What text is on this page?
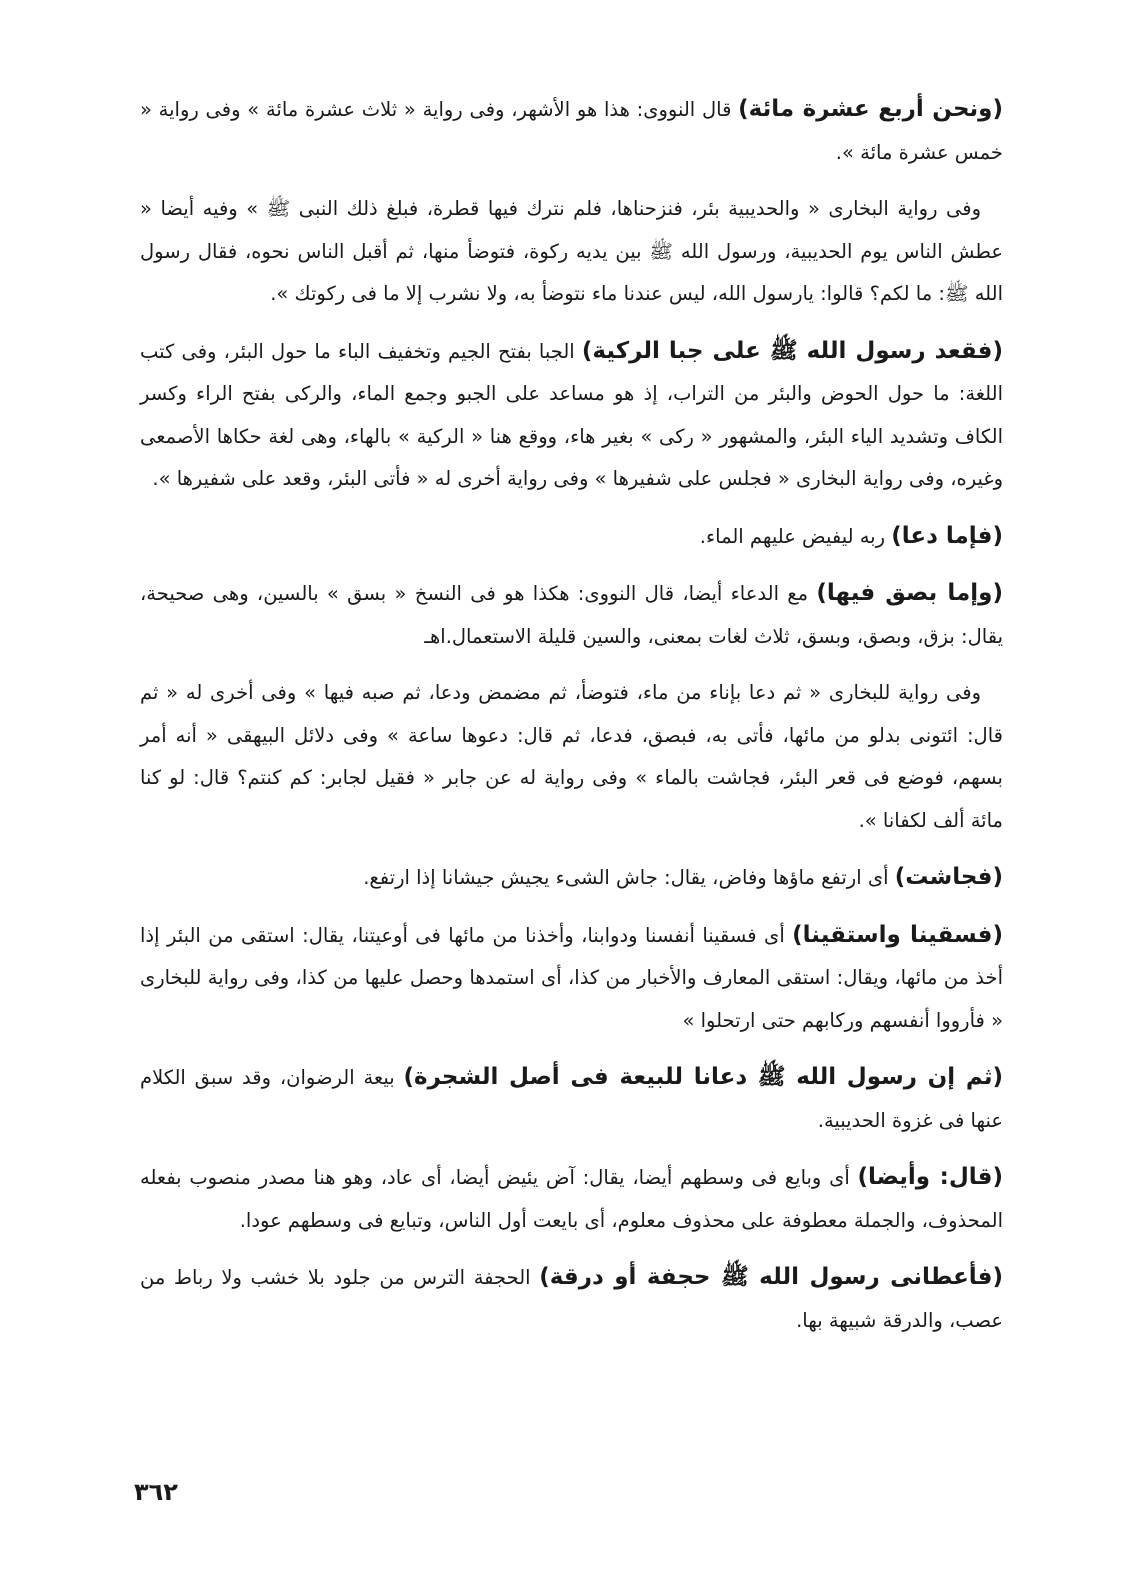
(ونحن أربع عشرة مائة) قال النووى: هذا هو الأشهر، وفى رواية « ثلاث عشرة مائة » وفى رواية « خمس عشرة مائة ».

وفى رواية البخارى « والحديبية بئر، فنزحناها، فلم نترك فيها قطرة، فبلغ ذلك النبى ﷺ » وفيه أيضا « عطش الناس يوم الحديبية، ورسول الله ﷺ بين يديه ركوة، فتوضأ منها، ثم أقبل الناس نحوه، فقال رسول الله ﷺ: ما لكم؟ قالوا: يارسول الله، ليس عندنا ماء نتوضأ به، ولا نشرب إلا ما فى ركوتك ».

(فقعد رسول الله ﷺ على جبا الركية) الجبا بفتح الجيم وتخفيف الباء ما حول البئر، وفى كتب اللغة: ما حول الحوض والبئر من التراب، إذ هو مساعد على الجبو وجمع الماء، والركى بفتح الراء وكسر الكاف وتشديد الياء البئر، والمشهور « ركى » بغير هاء، ووقع هنا « الركية » بالهاء، وهى لغة حكاها الأصمعى وغيره، وفى رواية البخارى « فجلس على شفيرها » وفى رواية أخرى له « فأتى البئر، وقعد على شفيرها ».

(فإما دعا) ربه ليفيض عليهم الماء.

(وإما بصق فيها) مع الدعاء أيضا، قال النووى: هكذا هو فى النسخ « بسق » بالسين، وهى صحيحة، يقال: بزق، وبصق، وبسق، ثلاث لغات بمعنى، والسين قليلة الاستعمال.اهـ

وفى رواية للبخارى « ثم دعا بإناء من ماء، فتوضأ، ثم مضمض ودعا، ثم صبه فيها » وفى أخرى له « ثم قال: ائتونى بدلو من مائها، فأتى به، فبصق، فدعا، ثم قال: دعوها ساعة » وفى دلائل البيهقى « أنه أمر بسهم، فوضع فى قعر البئر، فجاشت بالماء » وفى رواية له عن جابر « فقيل لجابر: كم كنتم؟ قال: لو كنا مائة ألف لكفانا ».

(فجاشت) أى ارتفع ماؤها وفاض، يقال: جاش الشىء يجيش جيشانا إذا ارتفع.

(فسقينا واستقينا) أى فسقينا أنفسنا ودوابنا، وأخذنا من مائها فى أوعيتنا، يقال: استقى من البئر إذا أخذ من مائها، ويقال: استقى المعارف والأخبار من كذا، أى استمدها وحصل عليها من كذا، وفى رواية للبخارى « فأرووا أنفسهم وركابهم حتى ارتحلوا »

(ثم إن رسول الله ﷺ دعانا للبيعة فى أصل الشجرة) بيعة الرضوان، وقد سبق الكلام عنها فى غزوة الحديبية.

(قال: وأيضا) أى وبايع فى وسطهم أيضا، يقال: آض يئيض أيضا، أى عاد، وهو هنا مصدر منصوب بفعله المحذوف، والجملة معطوفة على محذوف معلوم، أى بايعت أول الناس، وتبايع فى وسطهم عودا.

(فأعطانى رسول الله ﷺ حجفة أو درقة) الحجفة الترس من جلود بلا خشب ولا رباط من عصب، والدرقة شبيهة بها.

٣٦٢
